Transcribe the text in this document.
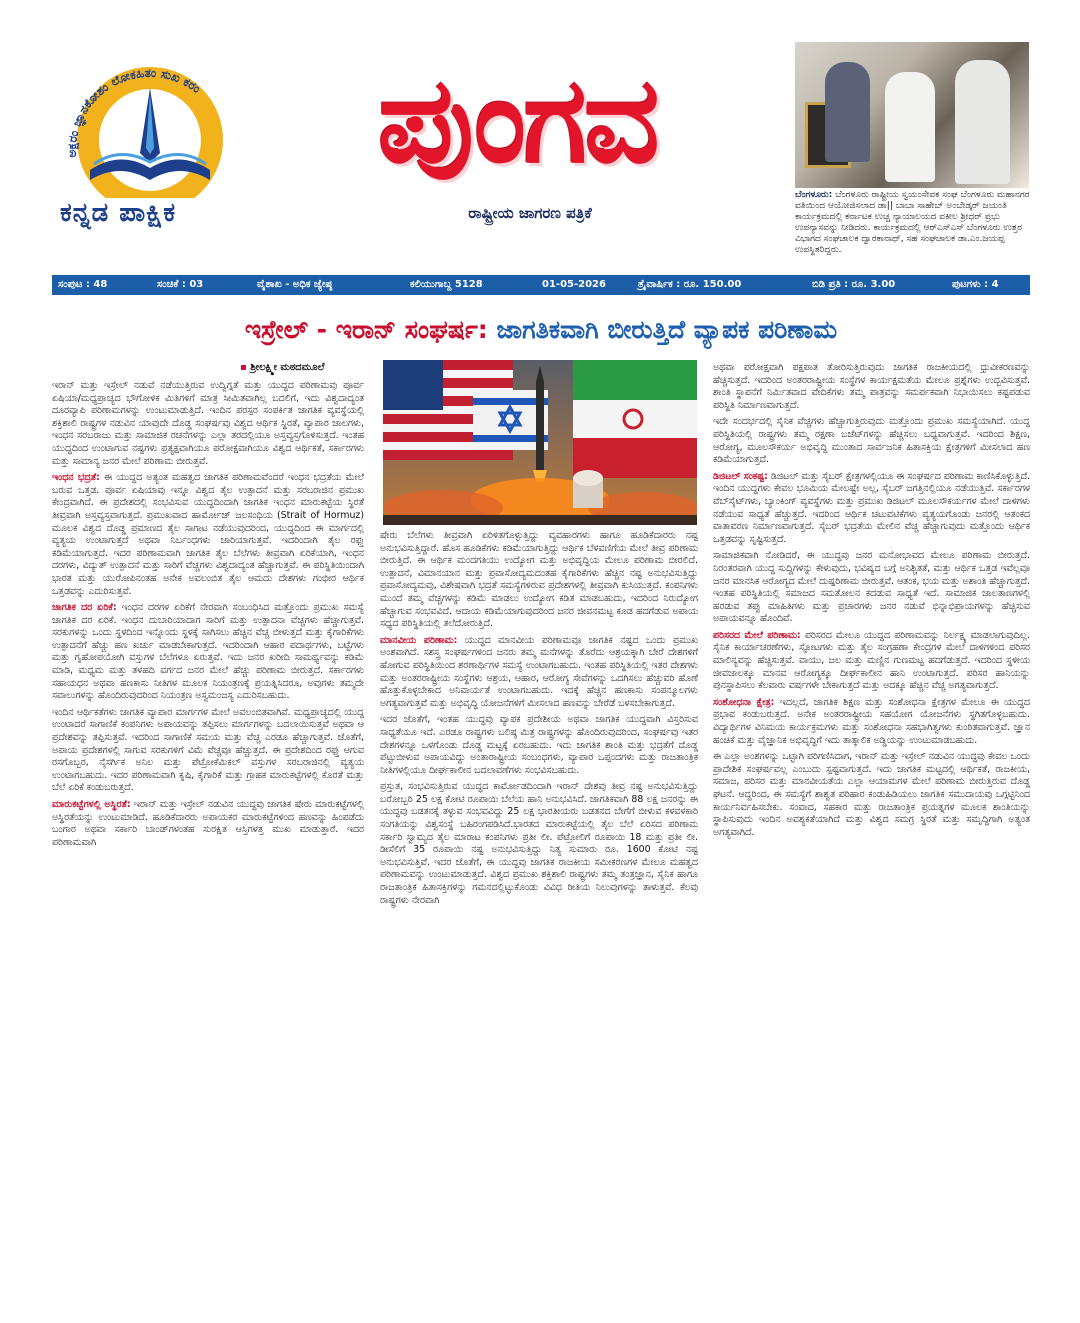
ಅಕ್ಷರಂ ಜ್ಞಾನಕೋಶಂ ಲೋಕಹಿತಂ ಸುಖ ಕರಂ
ಕನ್ನಡ ಪಾಕ್ಷಿಕ
ಪುಂಗವ
ರಾಷ್ಟ್ರೀಯ ಜಾಗರಣ ಪತ್ರಿಕೆ
ಬೆಂಗಳೂರು: ಬೆಂಗಳೂರು ರಾಷ್ಟ್ರೀಯ ಸ್ವಯಂಸೇವಕ ಸಂಘ ಬೆಂಗಳೂರು ಮಹಾನಗರ ವತಿಯಿಂದ ಆಯೋಜಿಸಲಾದ ಡಾ|| ಬಾಬಾ ಸಾಹೇಬ್ ಅಂಬೇಡ್ಕರ್ ಜಯಂತಿ ಕಾರ್ಯಕ್ರಮದಲ್ಲಿ ಕರ್ನಾಟಕ ಉಚ್ಚ ನ್ಯಾಯಾಲಯದ ವಕೀಲ ಶ್ರೀಧರ್ ಪ್ರಭು ಉಪನ್ಯಾಸವನ್ನು ನೀಡಿದರು. ಕಾರ್ಯಕ್ರಮದಲ್ಲಿ ಆರ್‌ಎಸ್ಎಸ್ ಬೆಂಗಳೂರು ಉತ್ತರ ವಿಭಾಗದ ಸಂಘಚಾಲಕ ದ್ವಾರಕಾನಾಥ್, ಸಹ ಸಂಘಚಾಲಕ ಡಾ.ಎಂ.ಜಯಪ್ಪ ಉಪಸ್ಥಿತರಿದ್ದರು.
ಸಂಪುಟ : 48	ಸಂಚಿಕೆ : 03	ವೈಶಾಖ - ಅಧಿಕ ಜ್ಯೇಷ್ಠ	ಕಲಿಯುಗಾಬ್ದ 5128	01-05-2026	ತ್ರೈವಾರ್ಷಿಕ : ರೂ. 150.00	ಬಿಡಿ ಪ್ರತಿ : ರೂ. 3.00	ಪುಟಗಳು : 4
ಇಸ್ರೇಲ್ - ಇರಾನ್ ಸಂಘರ್ಷ: ಜಾಗತಿಕವಾಗಿ ಬೀರುತ್ತಿದೆ ವ್ಯಾಪಕ ಪರಿಣಾಮ
▪ ಶ್ರೀಲಕ್ಷ್ಮೀ ಮಠದಮೂಲೆ

ಇರಾನ್ ಮತ್ತು ಇಸ್ರೇಲ್ ನಡುವೆ ನಡೆಯುತ್ತಿರುವ ಉದ್ವಿಗ್ನತೆ ಮತ್ತು ಯುದ್ಧದ ಪರಿಣಾಮವು ಪೂರ್ವ ಏಷಿಯಾ/ಮಧ್ಯಪ್ರಾಚ್ಯದ ಭೌಗೋಳಿಕ ಮಿತಿಗಳಿಗೆ ಮಾತ್ರ ಸೀಮಿತವಾಗಿಲ್ಲ ಬದಲಿಗೆ, ಇದು ವಿಶ್ವದಾದ್ಯಂತ ದೂರವ್ಯಾಪಿ ಪರಿಣಾಮಗಳನ್ನು ಉಂಟುಮಾಡುತ್ತಿದೆ. ಇಂದಿನ ಪರಸ್ಪರ ಸಂಪರ್ಕಿತ ಜಾಗತಿಕ ವ್ಯವಸ್ಥೆಯಲ್ಲಿ ಶಕ್ತಿಶಾಲಿ ರಾಷ್ಟ್ರಗಳ ನಡುವಿನ ಯಾವುದೇ ದೊಡ್ಡ ಸಂಘರ್ಷವು ವಿಶ್ವದ ಆರ್ಥಿಕ ಸ್ಥಿರತೆ, ವ್ಯಾಪಾರ ಜಾಲಗಳು, ಇಂಧನ ಸರಬರಾಜು ಮತ್ತು ಸಾಮಾಜಿಕ ರಚನೆಗಳನ್ನು ಎಲ್ಲಾ ತರದಲ್ಲಿಯೂ ಅಸ್ತವ್ಯಸ್ತಗೊಳಿಸುತ್ತದೆ. ಇಂತಹ ಯುದ್ಧದಿಂದ ಉಂಟಾಗುವ ನಷ್ಟಗಳು ಪ್ರತ್ಯಕ್ಷವಾಗಿಯೂ ಪರೋಕ್ಷವಾಗಿಯೂ ವಿಶ್ವದ ಆರ್ಥಿಕತೆ, ಸರ್ಕಾರಗಳು ಮತ್ತು ಸಾಮಾನ್ಯ ಜನರ ಮೇಲೆ ಪರಿಣಾಮ ಬೀರುತ್ತವೆ.

ಇಂಧನ ಭದ್ರತೆ: ಈ ಯುದ್ಧದ ಅತ್ಯಂತ ಮಹತ್ವದ ಜಾಗತಿಕ ಪರಿಣಾಮವೆಂದರೆ ಇಂಧನ ಭದ್ರತೆಯ ಮೇಲೆ ಬರುವ ಒತ್ತಡ. ಪೂರ್ವ ಏಷಿಯಾವು ಇನ್ನೂ ವಿಶ್ವದ ತೈಲ ಉತ್ಪಾದನೆ ಮತ್ತು ಸರಬರಾಜಿನ ಪ್ರಮುಖ ಕೇಂದ್ರವಾಗಿದೆ. ಈ ಪ್ರದೇಶದಲ್ಲಿ ಸಂಭವಿಸುವ ಯುದ್ಧದಿಂದಾಗಿ ಜಾಗತಿಕ ಇಂಧನ ಮಾರುಕಟ್ಟೆಯ ಸ್ಥಿರತೆ ತೀವ್ರವಾಗಿ ಅಸ್ತವ್ಯಸ್ತವಾಗುತ್ತದೆ. ಪ್ರಮುಖವಾದ ಹಾರ್ಮೋಜ್ ಜಲಸಂಧಿಯ (Strait of Hormuz) ಮೂಲಕ ವಿಶ್ವದ ದೊಡ್ಡ ಪ್ರಮಾಣದ ತೈಲ ಸಾಗಾಟ ನಡೆಯುವುದರಿಂದ, ಯುದ್ಧದಿಂದ ಈ ಮಾರ್ಗದಲ್ಲಿ ವ್ಯತ್ಯಯ ಉಂಟಾಗುತ್ತದೆ ಅಥವಾ ನಿರ್ಬಂಧಗಳು ಜಾರಿಯಾಗುತ್ತವೆ. ಇದರಿಂದಾಗಿ ತೈಲ ರಫ್ತು ಕಡಿಮೆಯಾಗುತ್ತದೆ. ಇದರ ಪರಿಣಾಮವಾಗಿ ಜಾಗತಿಕ ತೈಲ ಬೆಲೆಗಳು ತೀವ್ರವಾಗಿ ಏರಿಕೆಯಾಗಿ, ಇಂಧನ ದರಗಳು, ವಿದ್ಯುತ್ ಉತ್ಪಾದನೆ ಮತ್ತು ಸಾರಿಗೆ ವೆಚ್ಚಗಳು ವಿಶ್ವದಾದ್ಯಂತ ಹೆಚ್ಚಾಗುತ್ತವೆ. ಈ ಪರಿಸ್ಥಿತಿಯಿಂದಾಗಿ ಭಾರತ ಮತ್ತು ಯುರೋಪಿನಂತಹ ಅನೇಕ ಅವಲಂಬಿತ ತೈಲ ಆಮದು ದೇಶಗಳು ಗಂಭೀರ ಆರ್ಥಿಕ ಒತ್ತಡವನ್ನು ಎದುರಿಸುತ್ತವೆ.

ಜಾಗತಿಕ ದರ ಏರಿಕೆ: ಇಂಧನ ದರಗಳ ಏರಿಕೆಗೆ ನೇರವಾಗಿ ಸಂಬಂಧಿಸಿದ ಮತ್ತೊಂದು ಪ್ರಮುಖ ಸಮಸ್ಯೆ ಜಾಗತಿಕ ದರ ಏರಿಕೆ. ಇಂಧನ ದುಬಾರಿಯಾದಾಗ ಸಾರಿಗೆ ಮತ್ತು ಉತ್ಪಾದನಾ ವೆಚ್ಚಗಳು ಹೆಚ್ಚಾಗುತ್ತವೆ. ಸರಕುಗಳನ್ನು ಒಂದು ಸ್ಥಳದಿಂದ ಇನ್ನೊಂದು ಸ್ಥಳಕ್ಕೆ ಸಾಗಿಸಲು ಹೆಚ್ಚಿನ ವೆಚ್ಚ ಬೀಳುತ್ತದೆ ಮತ್ತು ಕೈಗಾರಿಕೆಗಳು ಉತ್ಪಾದನೆಗೆ ಹೆಚ್ಚು ಹಣ ಖರ್ಚು ಮಾಡಬೇಕಾಗುತ್ತದೆ. ಇದರಿಂದಾಗಿ ಆಹಾರ ಪದಾರ್ಥಗಳು, ಬಟ್ಟೆಗಳು ಮತ್ತು ಗೃಹೋಪಯೋಗಿ ವಸ್ತುಗಳ ಬೆಲೆಗಳೂ ಏರುತ್ತವೆ. ಇದು ಜನರ ಖರೀದಿ ಸಾಮರ್ಥ್ಯವನ್ನು ಕಡಿಮೆ ಮಾಡಿ, ಮಧ್ಯಮ ಮತ್ತು ತಳಹದಿ ವರ್ಗದ ಜನರ ಮೇಲೆ ಹೆಚ್ಚು ಪರಿಣಾಮ ಬೀರುತ್ತದೆ. ಸರ್ಕಾರಗಳು ಸಹಾಯಧನ ಅಥವಾ ಹಣಕಾಸು ನೀತಿಗಳ ಮೂಲಕ ನಿಯಂತ್ರಣಕ್ಕೆ ಪ್ರಯತ್ನಿಸಿದರೂ, ಅವುಗಳು ತಮ್ಮದೇ ಸವಾಲುಗಳನ್ನು ಹೊಂದಿರುವುದರಿಂದ ನಿಯಂತ್ರಣ ಅಸ್ವಮಂಜಸ್ಯ ಎದುರಿಸಬಹುದು.

ಇಂದಿನ ಆರ್ಥಿಕತೆಗಳು ಜಾಗತಿಕ ವ್ಯಾಪಾರ ಮಾರ್ಗಗಳ ಮೇಲೆ ಅವಲಂಬಿತವಾಗಿವೆ. ಮಧ್ಯಪ್ರಾಚ್ಯದಲ್ಲಿ ಯುದ್ಧ ಉಂಟಾದರೆ ಸಾಗಾಣಿಕೆ ಕಂಪನಿಗಳು ಅಪಾಯವನ್ನು ತಪ್ಪಿಸಲು ಮಾರ್ಗಗಳನ್ನು ಬದಲಾಯಿಸುತ್ತವೆ ಅಥವಾ ಆ ಪ್ರದೇಶವನ್ನು ತಪ್ಪಿಸುತ್ತವೆ. ಇದರಿಂದ ಸಾಗಾಣಿಕೆ ಸಮಯ ಮತ್ತು ವೆಚ್ಚ ಎರಡೂ ಹೆಚ್ಚಾಗುತ್ತವೆ. ಜೊತೆಗೆ, ಅಪಾಯ ಪ್ರದೇಶಗಳಲ್ಲಿ ಸಾಗುವ ಸರಕುಗಳಿಗೆ ವಿಮೆ ವೆಚ್ಚವೂ ಹೆಚ್ಚುತ್ತದೆ. ಈ ಪ್ರದೇಶದಿಂದ ರಫ್ತು ಆಗುವ ರಸಗೊಬ್ಬರ, ನೈಸರ್ಗಿಕ ಅನಿಲ ಮತ್ತು ಪೆಟ್ರೋಕೆಮಿಕಲ್ ವಸ್ತುಗಳ ಸರಬರಾಜಿನಲ್ಲಿ ವ್ಯತ್ಯಯ ಉಂಟಾಗಬಹುದು. ಇದರ ಪರಿಣಾಮವಾಗಿ ಕೃಷಿ, ಕೈಗಾರಿಕೆ ಮತ್ತು ಗ್ರಾಹಕ ಮಾರುಕಟ್ಟೆಗಳಲ್ಲಿ ಕೊರತೆ ಮತ್ತು ಬೆಲೆ ಏರಿಕೆ ಕಂಡುಬರುತ್ತದೆ.

ಮಾರುಕಟ್ಟೆಗಳಲ್ಲಿ ಅಸ್ಥಿರತೆ: ಇರಾನ್ ಮತ್ತು ಇಸ್ರೇಲ್ ನಡುವಿನ ಯುದ್ಧವು ಜಾಗತಿಕ ಷೇರು ಮಾರುಕಟ್ಟೆಗಳಲ್ಲಿ ಅಸ್ಥಿರತೆಯನ್ನು ಉಂಟುಮಾಡಿದೆ. ಹೂಡಿಕೆದಾರರು ಅಪಾಯಕರ ಮಾರುಕಟ್ಟೆಗಳಿಂದ ಹಣವನ್ನು ಹಿಂಪಡೆದು ಬಂಗಾರ ಅಥವಾ ಸರ್ಕಾರಿ ಬಾಂಡ್‌ಗಳಂತಹ ಸುರಕ್ಷಿತ ಆಸ್ತಿಗಳತ್ತ ಮುಖ ಮಾಡುತ್ತಾರೆ. ಇದರ ಪರಿಣಾಮವಾಗಿ

ಷೇರು ಬೆಲೆಗಳು ತೀವ್ರವಾಗಿ ಏರಿಳಿತಗೊಳ್ಳುತ್ತಿದ್ದು ವ್ಯವಹಾರಗಳು ಹಾಗೂ ಹೂಡಿಕೆದಾರರು ನಷ್ಟ ಅನುಭವಿಸುತ್ತಿದ್ದಾರೆ. ಹೊಸ ಹೂಡಿಕೆಗಳು ಕಡಿಮೆಯಾಗುತ್ತಿದ್ದು ಆರ್ಥಿಕ ಬೆಳವಣಿಗೆಯ ಮೇಲೆ ತೀವ್ರ ಪರಿಣಾಮ ಬೀರುತ್ತಿದೆ. ಈ ಆರ್ಥಿಕ ಮಂದಗತಿಯು ಉದ್ಯೋಗ ಮತ್ತು ಅಭಿವೃದ್ಧಿಯ ಮೇಲೂ ಪರಿಣಾಮ ಬೀರಲಿದೆ. ಉತ್ಪಾದನೆ, ವಿಮಾನಯಾನ ಮತ್ತು ಪ್ರವಾಸೋದ್ಯಮದಂತಹ ಕೈಗಾರಿಕೆಗಳು ಹೆಚ್ಚಿನ ನಷ್ಟ ಅನುಭವಿಸುತ್ತಿದ್ದು ಪ್ರವಾಸೋದ್ಯಮವು, ವಿಶೇಷವಾಗಿ ಭದ್ರತೆ ಸಮಸ್ಯೆಗಳಿರುವ ಪ್ರದೇಶಗಳಲ್ಲಿ ತೀವ್ರವಾಗಿ ಕುಸಿಯುತ್ತದೆ. ಕಂಪನಿಗಳು ಮುಂದೆ ತಮ್ಮ ವೆಚ್ಚಗಳನ್ನು ಕಡಿಮೆ ಮಾಡಲು ಉದ್ಯೋಗ ಕಡಿತ ಮಾಡಬಹುದು, ಇದರಿಂದ ನಿರುದ್ಯೋಗ ಹೆಚ್ಚಾಗುವ ಸಂಭವವಿದೆ. ಆದಾಯ ಕಡಿಮೆಯಾಗುವುದರಿಂದ ಜನರ ಜೀವನಮಟ್ಟ ಕೂಡ ಹದಗೆಡುವ ಅಪಾಯ ಸಧ್ಯದ ಪರಿಸ್ಥಿತಿಯಲ್ಲಿ ತಲೆದೋರುತ್ತಿದೆ.

ಮಾನವೀಯ ಪರಿಣಾಮ: ಯುದ್ಧದ ಮಾನವೀಯ ಪರಿಣಾಮವೂ ಜಾಗತಿಕ ನಷ್ಟದ ಒಂದು ಪ್ರಮುಖ ಅಂಶವಾಗಿದೆ. ಸಶಸ್ತ್ರ ಸಂಘರ್ಷಗಳಿಂದ ಜನರು ತಮ್ಮ ಮನೆಗಳನ್ನು ತೊರೆದು ಆಶ್ರಯಕ್ಕಾಗಿ ಬೇರೆ ದೇಶಗಳಿಗೆ ಹೋಗುವ ಪರಿಸ್ಥಿತಿಯಿಂದ ಶರಣಾರ್ಥಿಗಳ ಸಮಸ್ಯೆ ಉಂಟಾಗಬಹುದು. ಇಂತಹ ಪರಿಸ್ಥಿತಿಯಲ್ಲಿ ಇತರ ದೇಶಗಳು ಮತ್ತು ಅಂತರರಾಷ್ಟ್ರೀಯ ಸಂಸ್ಥೆಗಳು ಆಶ್ರಯ, ಆಹಾರ, ಆರೋಗ್ಯ ಸೇವೆಗಳನ್ನು ಒದಗಿಸಲು ಹೆಚ್ಚುವರಿ ಹೊಣೆ ಹೊತ್ತುಕೊಳ್ಳಬೇಕಾದ ಅನಿವಾರ್ಯತೆ ಉಂಟಾಗಬಹುದು. ಇದಕ್ಕೆ ಹೆಚ್ಚಿನ ಹಣಕಾಸು ಸಂಪನ್ಮೂಲಗಳು ಅಗತ್ಯವಾಗುತ್ತವೆ ಮತ್ತು ಅಭಿವೃದ್ಧಿ ಯೋಜನೆಗಳಿಗೆ ಮೀಸಲಾದ ಹಣವನ್ನು ಬೇರೆಡೆ ಬಳಸಬೇಕಾಗುತ್ತದೆ.

ಇದರ ಜೊತೆಗೆ, ಇಂತಹ ಯುದ್ಧವು ವ್ಯಾಪಕ ಪ್ರದೇಶೀಯ ಅಥವಾ ಜಾಗತಿಕ ಯುದ್ಧವಾಗಿ ವಿಸ್ತರಿಸುವ ಸಾಧ್ಯತೆಯೂ ಇದೆ. ಎರಡೂ ರಾಷ್ಟ್ರಗಳು ಬಲಿಷ್ಠ ಮಿತ್ರ ರಾಷ್ಟ್ರಗಳನ್ನು ಹೊಂದಿರುವುದರಿಂದ, ಸಂಘರ್ಷವು ಇತರ ದೇಶಗಳನ್ನೂ ಒಳಗೊಂಡು ದೊಡ್ಡ ಮಟ್ಟಕ್ಕೆ ಏರಬಹುದು. ಇದು ಜಾಗತಿಕ ಶಾಂತಿ ಮತ್ತು ಭದ್ರತೆಗೆ ದೊಡ್ಡ ಪೆಟ್ಟುಬೀಳುವ ಅಪಾಯವಿದ್ದು ಅಂತಾರಾಷ್ಟ್ರೀಯ ಸಂಬಂಧಗಳು, ವ್ಯಾಪಾರ ಒಪ್ಪಂದಗಳು ಮತ್ತು ರಾಜತಾಂತ್ರಿಕ ನೀತಿಗಳಲ್ಲಿಯೂ ದೀರ್ಘಕಾಲೀನ ಬದಲಾವಣೆಗಳು ಸಂಭವಿಸಬಹುದು.

ಪ್ರಸ್ತುತ, ಸಂಭವಿಸುತ್ತಿರುವ ಯುದ್ಧದ ಕಾರ್ಮೋಡದಿಂದಾಗಿ ಇರಾನ್ ದೇಶವು ತೀವ್ರ ನಷ್ಟ ಅನುಭವಿಸುತ್ತಿದ್ದು ಬರೋಬ್ಬರಿ 25 ಲಕ್ಷ ಕೋಟಿ ರೂಪಾಯಿ ಬೆಲೆಯ ಹಾನಿ ಅನುಭವಿಸಿದೆ. ಜಾಗತಿಕವಾಗಿ 88 ಲಕ್ಷ ಜನರನ್ನು ಈ ಯುದ್ಧವು ಬಡತನಕ್ಕೆ ತಳ್ಳುವ ಸಂಭವವಿದ್ದು 25 ಲಕ್ಷ ಭಾರತೀಯರು ಬಡತನದ ಬೇಗೆಗೆ ಬೀಳುವ ಕಳವಳಕಾರಿ ಸಂಗತಿಯನ್ನು ವಿಶ್ವಸಂಸ್ಥೆ ಬಹಿರಂಗಪಡಿಸಿದೆ.ಭಾರತದ ಮಾರುಕಟ್ಟೆಯಲ್ಲಿ ತೈಲ ಬೆಲೆ ಏರಿಸದ ಪರಿಣಾಮ ಸರ್ಕಾರಿ ಸ್ವಾಮ್ಯದ ತೈಲ ಮಾರಾಟ ಕಂಪನಿಗಳು ಪ್ರತೀ ಲೀ. ಪೆಟ್ರೋಲಿಗೆ ರೂಪಾಯಿ 18 ಮತ್ತು ಪ್ರತೀ ಲೀ. ಡೀಸೆಲಿಗೆ 35 ರೂಪಾಯಿ ನಷ್ಟ ಅನುಭವಿಸುತ್ತಿದ್ದು ನಿತ್ಯ ಸುಮಾರು ರೂ. 1600 ಕೋಟಿ ನಷ್ಟ ಅನುಭವಿಸುತ್ತಿವೆ. ಇದರ ಜೊತೆಗೆ, ಈ ಯುದ್ಧವು ಜಾಗತಿಕ ರಾಜಕೀಯ ಸಮೀಕರಣಗಳ ಮೇಲೂ ಮಹತ್ವದ ಪರಿಣಾಮವನ್ನು ಉಂಟುಮಾಡುತ್ತದೆ. ವಿಶ್ವದ ಪ್ರಮುಖ ಶಕ್ತಿಶಾಲಿ ರಾಷ್ಟ್ರಗಳು ತಮ್ಮ ತಂತ್ರಜ್ಞಾನ, ಸೈನಿಕ ಹಾಗೂ ರಾಜತಾಂತ್ರಿಕ ಹಿತಾಸಕ್ತಿಗಳನ್ನು ಗಮನದಲ್ಲಿಟ್ಟುಕೊಂಡು ವಿವಿಧ ರೀತಿಯ ನಿಲುವುಗಳನ್ನು ತಾಳುತ್ತವೆ. ಕೆಲವು ರಾಷ್ಟ್ರಗಳು ನೇರವಾಗಿ

ಅಥವಾ ಪರೋಕ್ಷವಾಗಿ ಪಕ್ಷಪಾತ ತೋರಿಸುತ್ತಿರುವುದು ಜಾಗತಿಕ ರಾಜಕೀಯದಲ್ಲಿ ಧ್ರುವೀಕರಣವನ್ನು ಹೆಚ್ಚಿಸುತ್ತದೆ. ಇದರಿಂದ ಅಂತರರಾಷ್ಟ್ರೀಯ ಸಂಸ್ಥೆಗಳ ಕಾರ್ಯಕ್ಷಮತೆಯ ಮೇಲೂ ಪ್ರಶ್ನೆಗಳು ಉದ್ಭವಿಸುತ್ತವೆ. ಶಾಂತಿ ಸ್ಥಾಪನೆಗೆ ನಿರ್ಮಿತವಾದ ವೇದಿಕೆಗಳು ತಮ್ಮ ಪಾತ್ರವನ್ನು ಸಮರ್ಪಕವಾಗಿ ನಿಭಾಯಿಸಲು ಕಷ್ಟಪಡುವ ಪರಿಸ್ಥಿತಿ ನಿರ್ಮಾಣವಾಗುತ್ತದೆ.

ಇದೇ ಸಂದರ್ಭದಲ್ಲಿ ಸೈನಿಕ ವೆಚ್ಚಗಳು ಹೆಚ್ಚಾಗುತ್ತಿರುವುದು ಮತ್ತೊಂದು ಪ್ರಮುಖ ಸಮಸ್ಯೆಯಾಗಿದೆ. ಯುದ್ಧ ಪರಿಸ್ಥಿತಿಯಲ್ಲಿ ರಾಷ್ಟ್ರಗಳು ತಮ್ಮ ರಕ್ಷಣಾ ಬಜೆಟ್‌ಗಳನ್ನು ಹೆಚ್ಚಿಸಲು ಬಧ್ಯವಾಗುತ್ತವೆ. ಇದರಿಂದ ಶಿಕ್ಷಣ, ಆರೋಗ್ಯ, ಮೂಲಸೌಕರ್ಯ ಅಭಿವೃದ್ಧಿ ಮುಂತಾದ ಸಾರ್ವಜನಿಕ ಹಿತಾಸಕ್ತಿಯ ಕ್ಷೇತ್ರಗಳಿಗೆ ಮೀಸಲಾದ ಹಣ ಕಡಿಮೆಯಾಗುತ್ತದೆ.

ಡಿಜಿಟಲ್ ಸಂಕಷ್ಟ: ಡಿಜಿಟಲ್ ಮತ್ತು ಸೈಬರ್ ಕ್ಷೇತ್ರಗಳಲ್ಲಿಯೂ ಈ ಸಂಘರ್ಷದ ಪರಿಣಾಮ ಕಾಣಿಸಿಕೊಳ್ಳುತ್ತಿದೆ. ಇಂದಿನ ಯುದ್ಧಗಳು ಕೇವಲ ಭೂಮಿಯ ಮೇಲಷ್ಟೇ ಅಲ್ಲ, ಸೈಬರ್ ಜಗತ್ತಿನಲ್ಲಿಯೂ ನಡೆಯುತ್ತಿವೆ. ಸರ್ಕಾರಗಳ ವೆಬ್‌ಸೈಟ್‌ಗಳು, ಬ್ಯಾಂಕಿಂಗ್ ವ್ಯವಸ್ಥೆಗಳು ಮತ್ತು ಪ್ರಮುಖ ಡಿಜಿಟಲ್ ಮೂಲಸೌಕರ್ಯಗಳ ಮೇಲೆ ದಾಳಿಗಳು ನಡೆಯುವ ಸಾಧ್ಯತೆ ಹೆಚ್ಚುತ್ತದೆ. ಇದರಿಂದ ಆರ್ಥಿಕ ಚಟುವಟಿಕೆಗಳು ವ್ಯತ್ಯಯಗೊಂಡು ಜನರಲ್ಲಿ ಆತಂಕದ ವಾತಾವರಣ ನಿರ್ಮಾಣವಾಗುತ್ತದೆ. ಸೈಬರ್ ಭದ್ರತೆಯ ಮೇಲಿನ ವೆಚ್ಚ ಹೆಚ್ಚಾಗುವುದು ಮತ್ತೊಂದು ಆರ್ಥಿಕ ಒತ್ತಡವನ್ನು ಸೃಷ್ಟಿಸುತ್ತದೆ.

ಸಾಮಾಜಿಕವಾಗಿ ನೋಡಿದರೆ, ಈ ಯುದ್ಧವು ಜನರ ಮನೋಭಾವದ ಮೇಲೂ ಪರಿಣಾಮ ಬೀರುತ್ತದೆ. ನಿರಂತರವಾಗಿ ಯುದ್ಧ ಸುದ್ದಿಗಳನ್ನು ಕೇಳುವುದು, ಭವಿಷ್ಯದ ಬಗ್ಗೆ ಅನಿಶ್ಚಿತತೆ, ಮತ್ತು ಆರ್ಥಿಕ ಒತ್ತಡ ಇವೆಲ್ಲವೂ ಜನರ ಮಾನಸಿಕ ಆರೋಗ್ಯದ ಮೇಲೆ ದುಷ್ಪರಿಣಾಮ ಬೀರುತ್ತವೆ. ಆತಂಕ, ಭಯ ಮತ್ತು ಅಶಾಂತಿ ಹೆಚ್ಚಾಗುತ್ತದೆ. ಇಂತಹ ಪರಿಸ್ಥಿತಿಯಲ್ಲಿ ಸಮಾಜದ ಸಮತೋಲನ ಕದಡುವ ಸಾಧ್ಯತೆ ಇದೆ. ಸಾಮಾಜಿಕ ಜಾಲತಾಣಗಳಲ್ಲಿ ಹರಡುವ ತಪ್ಪು ಮಾಹಿತಿಗಳು ಮತ್ತು ಪ್ರಚಾರಗಳು ಜನರ ನಡುವೆ ಭಿನ್ನಾಭಿಪ್ರಾಯಗಳನ್ನು ಹೆಚ್ಚಿಸುವ ಅಪಾಯವನ್ನೂ ಹೊಂದಿವೆ.

ಪರಿಸರದ ಮೇಲೆ ಪರಿಣಾಮ: ಪರಿಸರದ ಮೇಲೂ ಯುದ್ಧದ ಪರಿಣಾಮವನ್ನು ನಿರ್ಲಕ್ಷ್ಯ ಮಾಡಲಾಗುವುದಿಲ್ಲ. ಸೈನಿಕ ಕಾರ್ಯಾಚರಣೆಗಳು, ಸ್ಫೋಟಗಳು ಮತ್ತು ತೈಲ ಸಂಗ್ರಹಣಾ ಕೇಂದ್ರಗಳ ಮೇಲೆ ದಾಳಿಗಳಿಂದ ಪರಿಸರ ಮಾಲಿನ್ಯವನ್ನು ಹೆಚ್ಚಿಸುತ್ತವೆ. ವಾಯು, ಜಲ ಮತ್ತು ಮಣ್ಣಿನ ಗುಣಮಟ್ಟ ಹದಗೆಡುತ್ತದೆ. ಇದರಿಂದ ಸ್ಥಳೀಯ ಜೀವಜಾಲಕ್ಕೂ ಮಾನವ ಆರೋಗ್ಯಕ್ಕೂ ದೀರ್ಘಕಾಲೀನ ಹಾನಿ ಉಂಟಾಗುತ್ತದೆ. ಪರಿಸರ ಹಾನಿಯನ್ನು ಪುನಸ್ಥಾಪಿಸಲು ಕೆಲವಾರು ವರ್ಷಗಳೇ ಬೇಕಾಗುತ್ತದೆ ಮತ್ತು ಅದಕ್ಕೂ ಹೆಚ್ಚಿನ ವೆಚ್ಚ ಅಗತ್ಯವಾಗುತ್ತದೆ.

ಸಂಶೋಧನಾ ಕ್ಷೇತ್ರ: ಇದಲ್ಲದೆ, ಜಾಗತಿಕ ಶಿಕ್ಷಣ ಮತ್ತು ಸಂಶೋಧನಾ ಕ್ಷೇತ್ರಗಳ ಮೇಲೂ ಈ ಯುದ್ಧದ ಪ್ರಭಾವ ಕಂಡುಬರುತ್ತದೆ. ಅನೇಕ ಅಂತರರಾಷ್ಟ್ರೀಯ ಸಹಯೋಗ ಯೋಜನೆಗಳು ಸ್ಥಗಿತಗೊಳ್ಳಬಹುದು. ವಿದ್ಯಾರ್ಥಿಗಳ ವಿನಿಮಯ ಕಾರ್ಯಕ್ರಮಗಳು ಮತ್ತು ಸಂಶೋಧನಾ ಸಹಭಾಗಿತ್ವಗಳು ಕುಂಠಿತವಾಗುತ್ತವೆ. ಜ್ಞಾನ ಹಂಚಿಕೆ ಮತ್ತು ವೈಜ್ಞಾನಿಕ ಅಭಿವೃದ್ಧಿಗೆ ಇದು ತಾತ್ಕಾಲಿಕ ಅಡ್ಡಿಯನ್ನು ಉಂಟುಮಾಡಬಹುದು.

ಈ ಎಲ್ಲಾ ಅಂಶಗಳನ್ನು ಒಟ್ಟಾಗಿ ಪರಿಗಣಿಸಿದಾಗ, ಇರಾನ್ ಮತ್ತು ಇಸ್ರೇಲ್ ನಡುವಿನ ಯುದ್ಧವು ಕೇವಲ ಒಂದು ಪ್ರಾದೇಶಿಕ ಸಂಘರ್ಷವಲ್ಲ ಎಂಬುದು ಸ್ಪಷ್ಟವಾಗುತ್ತದೆ. ಇದು ಜಾಗತಿಕ ಮಟ್ಟದಲ್ಲಿ ಆರ್ಥಿಕತೆ, ರಾಜಕೀಯ, ಸಮಾಜ, ಪರಿಸರ ಮತ್ತು ಮಾನವೀಯತೆಯ ಎಲ್ಲಾ ಆಯಾಮಗಳ ಮೇಲೆ ಪರಿಣಾಮ ಬೀರುತ್ತಿರುವ ದೊಡ್ಡ ಘಟನೆ. ಆದ್ದರಿಂದ, ಈ ಸಮಸ್ಯೆಗೆ ಶಾಶ್ವತ ಪರಿಹಾರ ಕಂಡುಹಿಡಿಯಲು ಜಾಗತಿಕ ಸಮುದಾಯವು ಒಗ್ಗಟ್ಟಿನಿಂದ ಕಾರ್ಯನಿರ್ವಹಿಸಬೇಕು. ಸಂವಾದ, ಸಹಕಾರ ಮತ್ತು ರಾಜತಾಂತ್ರಿಕ ಪ್ರಯತ್ನಗಳ ಮೂಲಕ ಶಾಂತಿಯನ್ನು ಸ್ಥಾಪಿಸುವುದು ಇಂದಿನ ಅವಶ್ಯಕತೆಯಾಗಿದೆ ಮತ್ತು ವಿಶ್ವದ ಸಮಗ್ರ ಸ್ಥಿರತೆ ಮತ್ತು ಸಮೃದ್ಧಿಗಾಗಿ ಅತ್ಯಂತ ಅಗತ್ಯವಾಗಿದೆ.
